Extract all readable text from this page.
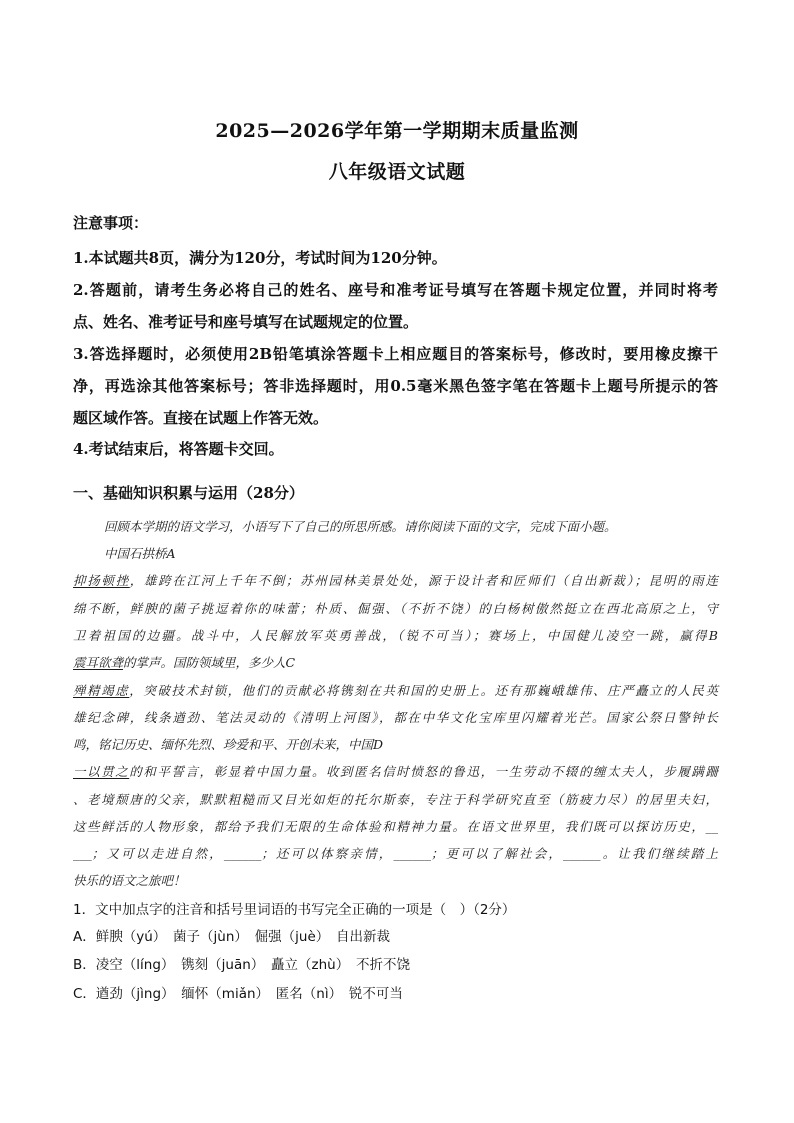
2025—2026学年第一学期期末质量监测
八年级语文试题
注意事项：
1.本试题共8页，满分为120分，考试时间为120分钟。
2.答题前，请考生务必将自己的姓名、座号和准考证号填写在答题卡规定位置，并同时将考
点、姓名、准考证号和座号填写在试题规定的位置。
3.答选择题时，必须使用2B铅笔填涂答题卡上相应题目的答案标号，修改时，要用橡皮擦干
净，再选涂其他答案标号；答非选择题时，用0.5毫米黑色签字笔在答题卡上题号所提示的答
题区域作答。直接在试题上作答无效。
4.考试结束后，将答题卡交回。
一、基础知识积累与运用（28分）
回顾本学期的语文学习，小语写下了自己的所思所感。请你阅读下面的文字，完成下面小题。
中国石拱桥A
抑扬顿挫，雄跨在江河上千年不倒；苏州园林美景处处，源于设计者和匠师们（自出新裁）；昆明的雨连
绵不断，鲜腴的菌子挑逗着你的味蕾；朴质、倔强、（不折不饶）的白杨树傲然挺立在西北高原之上，守
卫着祖国的边疆。战斗中，人民解放军英勇善战，（锐不可当）；赛场上，中国健儿凌空一跳，赢得B
震耳欲聋的掌声。国防领域里，多少人C
殚精竭虑，突破技术封锁，他们的贡献必将镌刻在共和国的史册上。还有那巍峨雄伟、庄严矗立的人民英
雄纪念碑，线条遒劲、笔法灵动的《清明上河图》，都在中华文化宝库里闪耀着光芒。国家公祭日警钟长
鸣，铭记历史、缅怀先烈、珍爱和平、开创未来，中国D
一以贯之的和平誓言，彰显着中国力量。收到匿名信时愤怒的鲁迅，一生劳动不辍的缠太夫人，步履蹒跚
、老境颓唐的父亲，默默粗糙而又目光如炬的托尔斯泰，专注于科学研究直至（筋疲力尽）的居里夫妇，
这些鲜活的人物形象，都给予我们无限的生命体验和精神力量。在语文世界里，我们既可以探访历史，__
___；又可以走进自然，______；还可以体察亲情，______；更可以了解社会，______。让我们继续踏上
快乐的语文之旅吧！
1．文中加点字的注音和括号里词语的书写完全正确的一项是（　）（2分）
A．鲜腴（yú）　菌子（jùn）　倔强（juè）　自出新裁
B．凌空（líng）　镌刻（juān）　矗立（zhù）　不折不饶
C．遒劲（jìng）　缅怀（miǎn）　匿名（nì）　锐不可当
